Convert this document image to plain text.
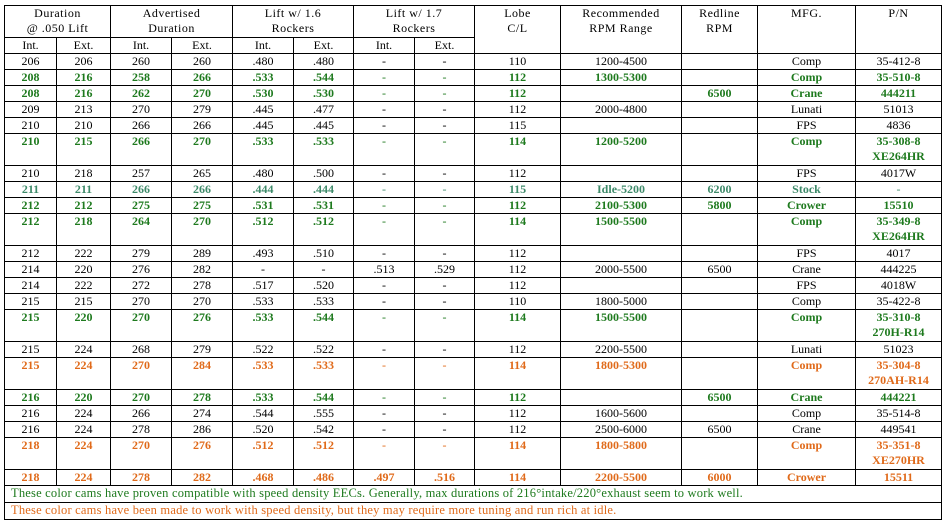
Duration
@ .050 Lift

Advertised
Duration

Lift w/ 1.6
Rockers

Lift w/ 1.7
Rockers

Lobe
C/L

Recommended
RPM Range

Redline
RPM

MFG.	P/N

Int.	Ext.	Int.	Ext.	Int.	Ext.	Int.	Ext.					
206	206	260	260	.480	.480	-	-	110	1200-4500		Comp	35-412-8

208	216	258	266	.533	.544	-	-	112	1300-5300		Comp	35-510-8

208	216	262	270	.530	.530	-	-	112		6500	Crane	444211

209	213	270	279	.445	.477	-	-	112	2000-4800		Lunati	51013

210	210	266	266	.445	.445	-	-	115			FPS	4836

210	215	266	270	.533	.533	-	-	114	1200-5200		Comp	35-308-8
XE264HR

210	218	257	265	.480	.500	-	-	112			FPS	4017W

211	211	266	266	.444	.444	-	-	115	Idle-5200	6200	Stock	-

212	212	275	275	.531	.531	-	-	112	2100-5300	5800	Crower	15510

212	218	264	270	.512	.512	-	-	114	1500-5500		Comp	35-349-8
XE264HR

212	222	279	289	.493	.510	-	-	112			FPS	4017

214	220	276	282	-	-	.513	.529	112	2000-5500	6500	Crane	444225

214	222	272	278	.517	.520	-	-	112			FPS	4018W

215	215	270	270	.533	.533	-	-	110	1800-5000		Comp	35-422-8

215	220	270	276	.533	.544	-	-	114	1500-5500		Comp	35-310-8
270H-R14

215	224	268	279	.522	.522	-	-	112	2200-5500		Lunati	51023

215	224	270	284	.533	.533	-	-	114	1800-5300		Comp	35-304-8
270AH-R14

216	220	270	278	.533	.544	-	-	112		6500	Crane	444221

216	224	266	274	.544	.555	-	-	112	1600-5600		Comp	35-514-8

216	224	278	286	.520	.542	-	-	112	2500-6000	6500	Crane	449541

218	224	270	276	.512	.512	-	-	114	1800-5800		Comp	35-351-8
XE270HR

218	224	278	282	.468	.486	.497	.516	114	2200-5500	6000	Crower	15511

These color cams have proven compatible with speed density EECs. Generally, max durations of 216°intake/220°exhaust seem to work well.												
These color cams have been made to work with speed density, but they may require more tuning and run rich at idle.												
